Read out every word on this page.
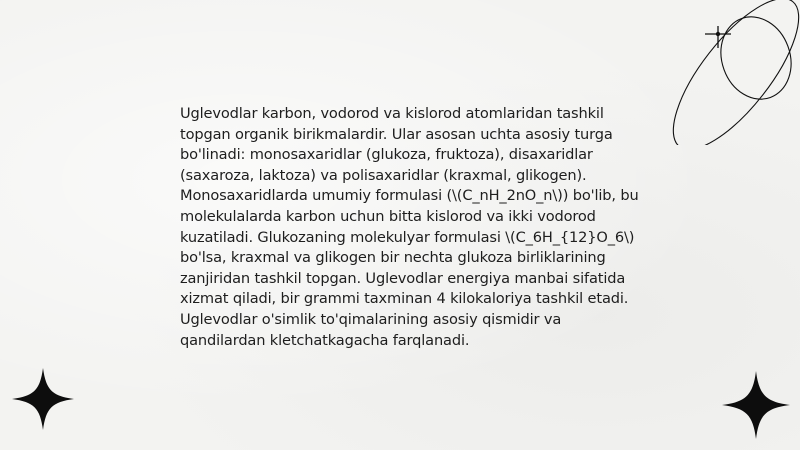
Uglevodlar karbon, vodorod va kislorod atomlaridan tashkil topgan organik birikmalardir. Ular asosan uchta asosiy turga bo'linadi: monosaxaridlar (glukoza, fruktoza), disaxaridlar (saxaroza, laktoza) va polisaxaridlar (kraxmal, glikogen). Monosaxaridlarda umumiy formulasi (\(C_nH_2nO_n\)) bo'lib, bu molekulalarda karbon uchun bitta kislorod va ikki vodorod kuzatiladi. Glukozaning molekulyar formulasi \(C_6H_{12}O_6\) bo'lsa, kraxmal va glikogen bir nechta glukoza birliklarining zanjiridan tashkil topgan. Uglevodlar energiya manbai sifatida xizmat qiladi, bir grammi taxminan 4 kilokaloriya tashkil etadi. Uglevodlar o'simlik to'qimalarining asosiy qismidir va qandilardan kletchatkagacha farqlanadi.
